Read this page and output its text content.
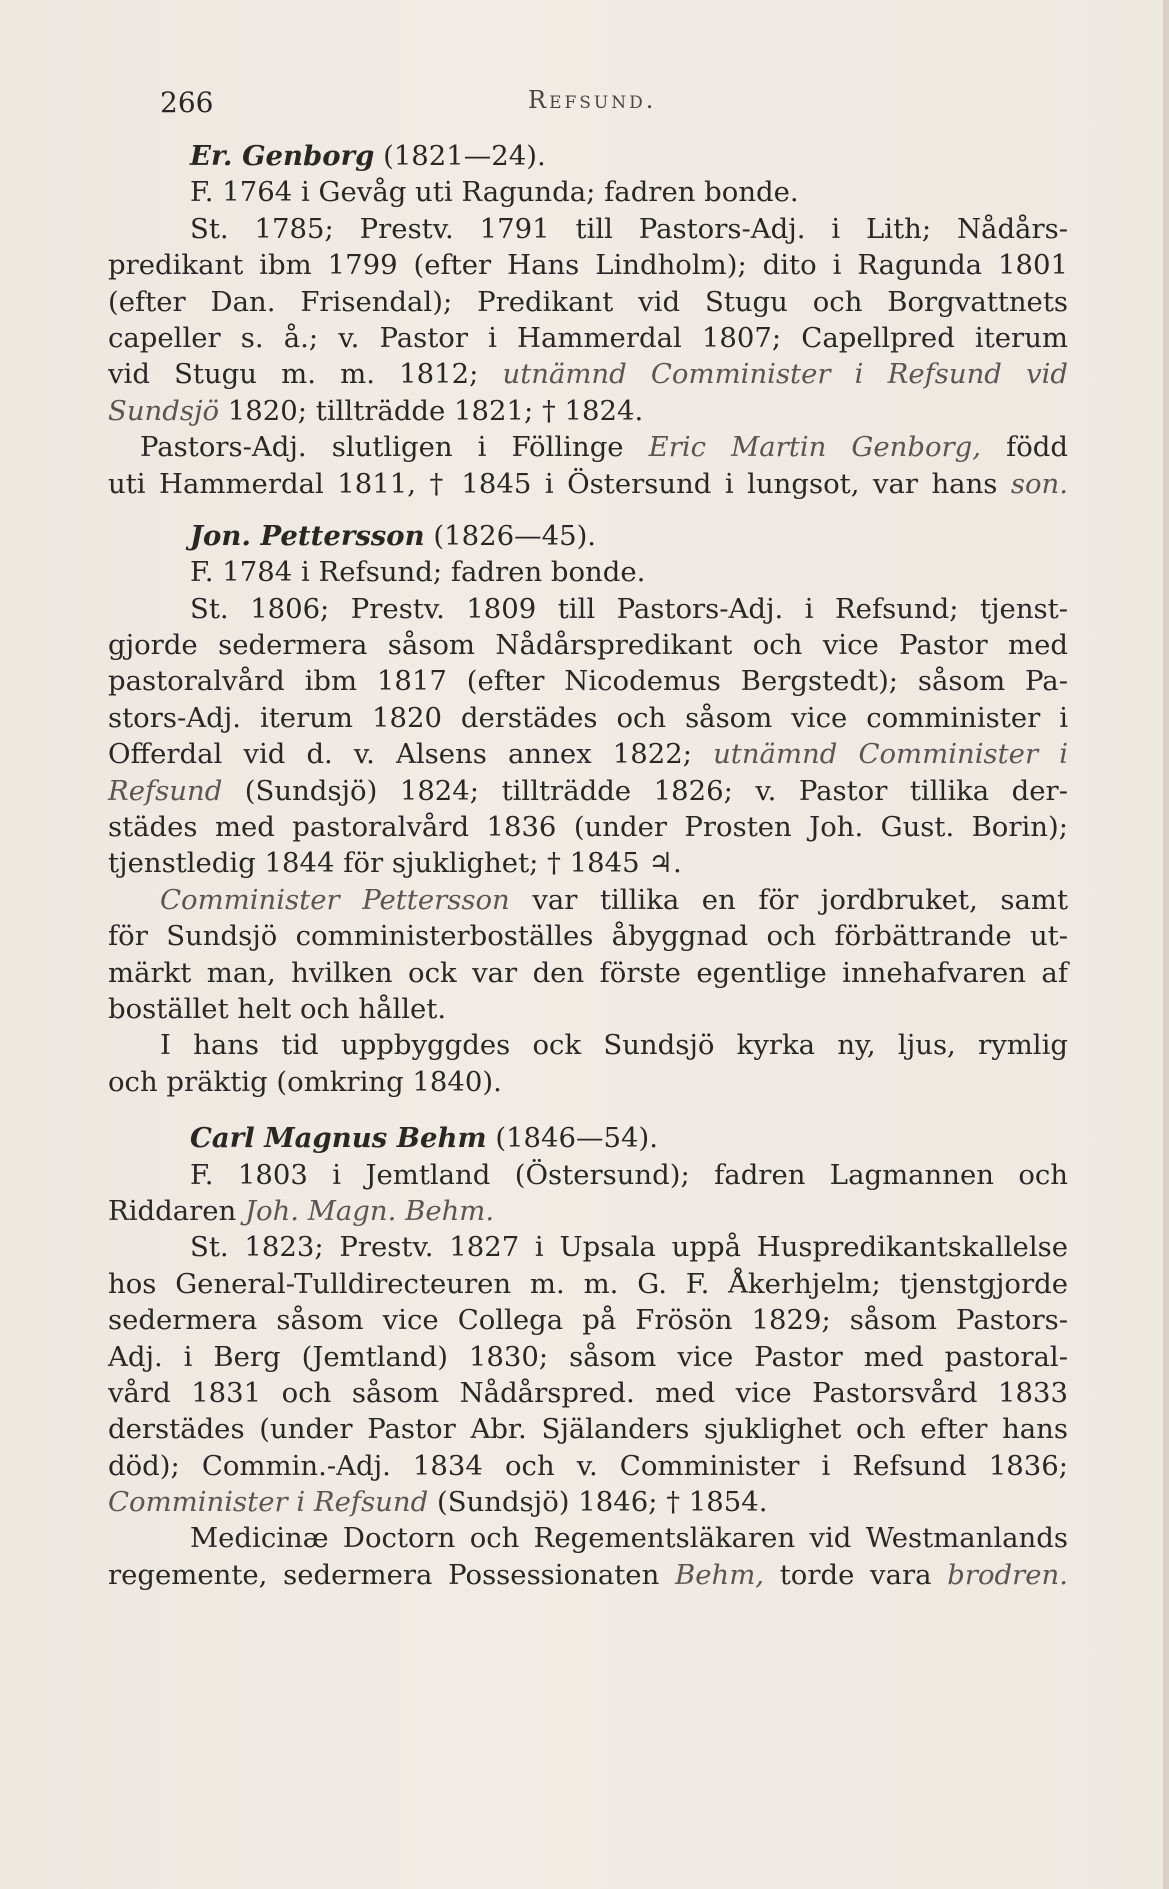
266	Refsund.
Er. Genborg (1821—24).
F. 1764 i Gevåg uti Ragunda; fadren bonde.
St. 1785; Prestv. 1791 till Pastors-Adj. i Lith; Nådårs-
predikant ibm 1799 (efter Hans Lindholm); dito i Ragunda 1801
(efter Dan. Frisendal); Predikant vid Stugu och Borgvattnets
capeller s. å.; v. Pastor i Hammerdal 1807; Capellpred iterum
vid Stugu m. m. 1812; utnämnd Comminister i Refsund vid
Sundsjö 1820; tillträdde 1821; † 1824.
Pastors-Adj. slutligen i Föllinge Eric Martin Genborg, född
uti Hammerdal 1811, † 1845 i Östersund i lungsot, var hans son.
Jon. Pettersson (1826—45).
F. 1784 i Refsund; fadren bonde.
St. 1806; Prestv. 1809 till Pastors-Adj. i Refsund; tjenst-
gjorde sedermera såsom Nådårspredikant och vice Pastor med
pastoralvård ibm 1817 (efter Nicodemus Bergstedt); såsom Pa-
stors-Adj. iterum 1820 derstädes och såsom vice comminister i
Offerdal vid d. v. Alsens annex 1822; utnämnd Comminister i
Refsund (Sundsjö) 1824; tillträdde 1826; v. Pastor tillika der-
städes med pastoralvård 1836 (under Prosten Joh. Gust. Borin);
tjenstledig 1844 för sjuklighet; † 1845 ♃.
Comminister Pettersson var tillika en för jordbruket, samt
för Sundsjö comministerboställes åbyggnad och förbättrande ut-
märkt man, hvilken ock var den förste egentlige innehafvaren af
bostället helt och hållet.
I hans tid uppbyggdes ock Sundsjö kyrka ny, ljus, rymlig
och präktig (omkring 1840).
Carl Magnus Behm (1846—54).
F. 1803 i Jemtland (Östersund); fadren Lagmannen och
Riddaren Joh. Magn. Behm.
St. 1823; Prestv. 1827 i Upsala uppå Huspredikantskallelse
hos General-Tulldirecteuren m. m. G. F. Åkerhjelm; tjenstgjorde
sedermera såsom vice Collega på Frösön 1829; såsom Pastors-
Adj. i Berg (Jemtland) 1830; såsom vice Pastor med pastoral-
vård 1831 och såsom Nådårspred. med vice Pastorsvård 1833
derstädes (under Pastor Abr. Själanders sjuklighet och efter hans
död); Commin.-Adj. 1834 och v. Comminister i Refsund 1836;
Comminister i Refsund (Sundsjö) 1846; † 1854.
Medicinæ Doctorn och Regementsläkaren vid Westmanlands
regemente, sedermera Possessionaten Behm, torde vara brodren.
